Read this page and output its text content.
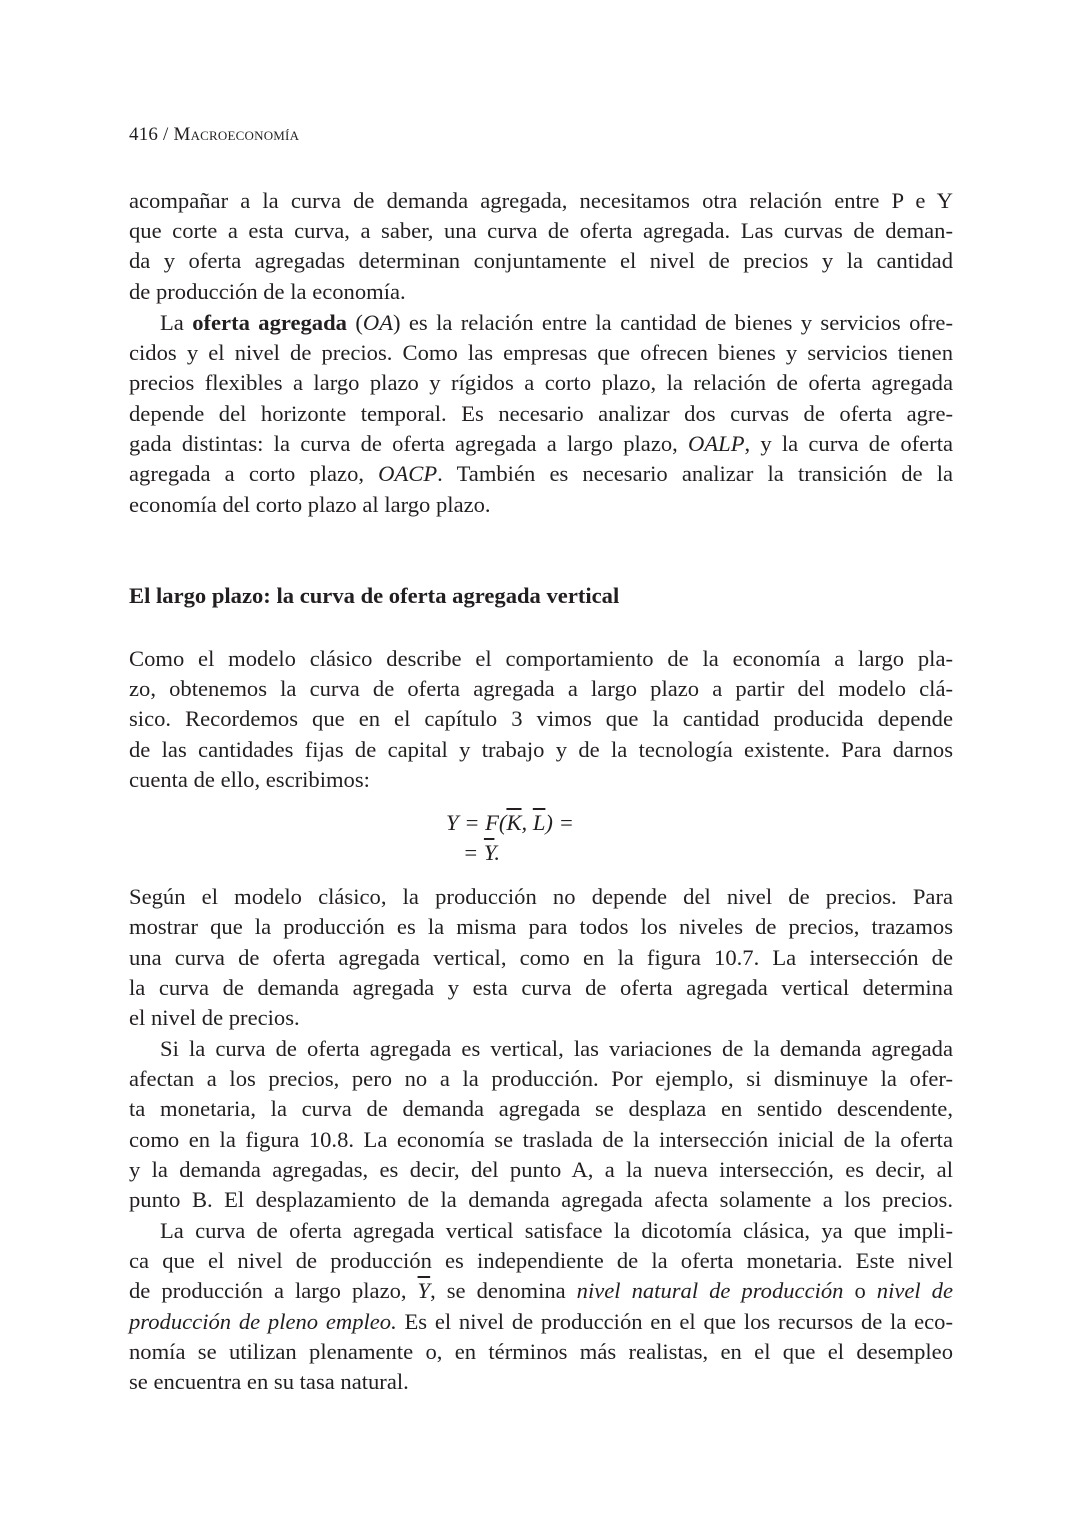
416 / Macroeconomía
acompañar a la curva de demanda agregada, necesitamos otra relación entre P e Y
que corte a esta curva, a saber, una curva de oferta agregada. Las curvas de deman-
da y oferta agregadas determinan conjuntamente el nivel de precios y la cantidad
de producción de la economía.
La oferta agregada (OA) es la relación entre la cantidad de bienes y servicios ofre-
cidos y el nivel de precios. Como las empresas que ofrecen bienes y servicios tienen
precios flexibles a largo plazo y rígidos a corto plazo, la relación de oferta agregada
depende del horizonte temporal. Es necesario analizar dos curvas de oferta agre-
gada distintas: la curva de oferta agregada a largo plazo, OALP, y la curva de oferta
agregada a corto plazo, OACP. También es necesario analizar la transición de la
economía del corto plazo al largo plazo.
El largo plazo: la curva de oferta agregada vertical
Como el modelo clásico describe el comportamiento de la economía a largo pla-
zo, obtenemos la curva de oferta agregada a largo plazo a partir del modelo clá-
sico. Recordemos que en el capítulo 3 vimos que la cantidad producida depende
de las cantidades fijas de capital y trabajo y de la tecnología existente. Para darnos
cuenta de ello, escribimos:
$Y = F(\overline{K}$, $\overline{L}$) =
= $\overline{Y}$.
Según el modelo clásico, la producción no depende del nivel de precios. Para
mostrar que la producción es la misma para todos los niveles de precios, trazamos
una curva de oferta agregada vertical, como en la figura 10.7. La intersección de
la curva de demanda agregada y esta curva de oferta agregada vertical determina
el nivel de precios.
Si la curva de oferta agregada es vertical, las variaciones de la demanda agregada
afectan a los precios, pero no a la producción. Por ejemplo, si disminuye la ofer-
ta monetaria, la curva de demanda agregada se desplaza en sentido descendente,
como en la figura 10.8. La economía se traslada de la intersección inicial de la oferta
y la demanda agregadas, es decir, del punto A, a la nueva intersección, es decir, al
punto B. El desplazamiento de la demanda agregada afecta solamente a los precios.
La curva de oferta agregada vertical satisface la dicotomía clásica, ya que impli-
ca que el nivel de producción es independiente de la oferta monetaria. Este nivel
de producción a largo plazo, $\overline{Y}$, se denomina nivel natural de producción o nivel de
producción de pleno empleo. Es el nivel de producción en el que los recursos de la eco-
nomía se utilizan plenamente o, en términos más realistas, en el que el desempleo
se encuentra en su tasa natural.
